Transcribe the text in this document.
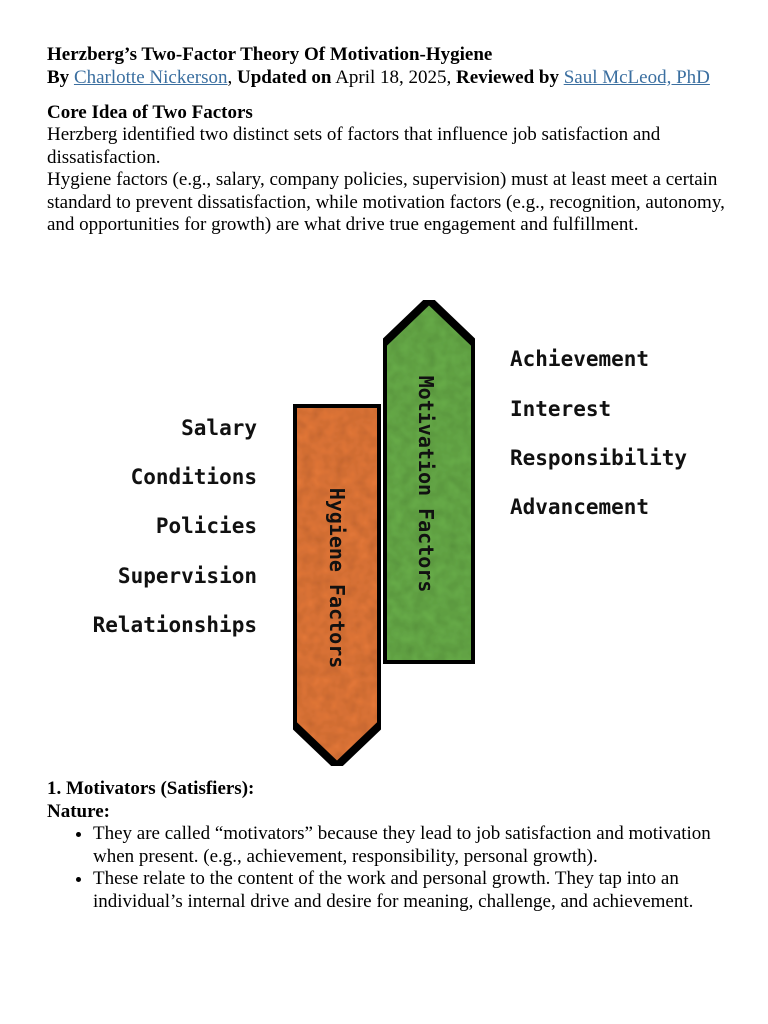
Herzberg’s Two-Factor Theory Of Motivation-Hygiene

By Charlotte Nickerson, Updated on April 18, 2025, Reviewed by Saul McLeod, PhD

Core Idea of Two Factors

Herzberg identified two distinct sets of factors that influence job satisfaction and dissatisfaction.

Hygiene factors (e.g., salary, company policies, supervision) must at least meet a certain standard to prevent dissatisfaction, while motivation factors (e.g., recognition, autonomy, and opportunities for growth) are what drive true engagement and fulfillment.

Motivation Factors
Hygiene Factors
Salary
Conditions
Policies
Supervision
Relationships
Achievement
Interest
Responsibility
Advancement

1. Motivators (Satisfiers):

Nature:

• They are called “motivators” because they lead to job satisfaction and motivation when present. (e.g., achievement, responsibility, personal growth).
• These relate to the content of the work and personal growth. They tap into an individual’s internal drive and desire for meaning, challenge, and achievement.
